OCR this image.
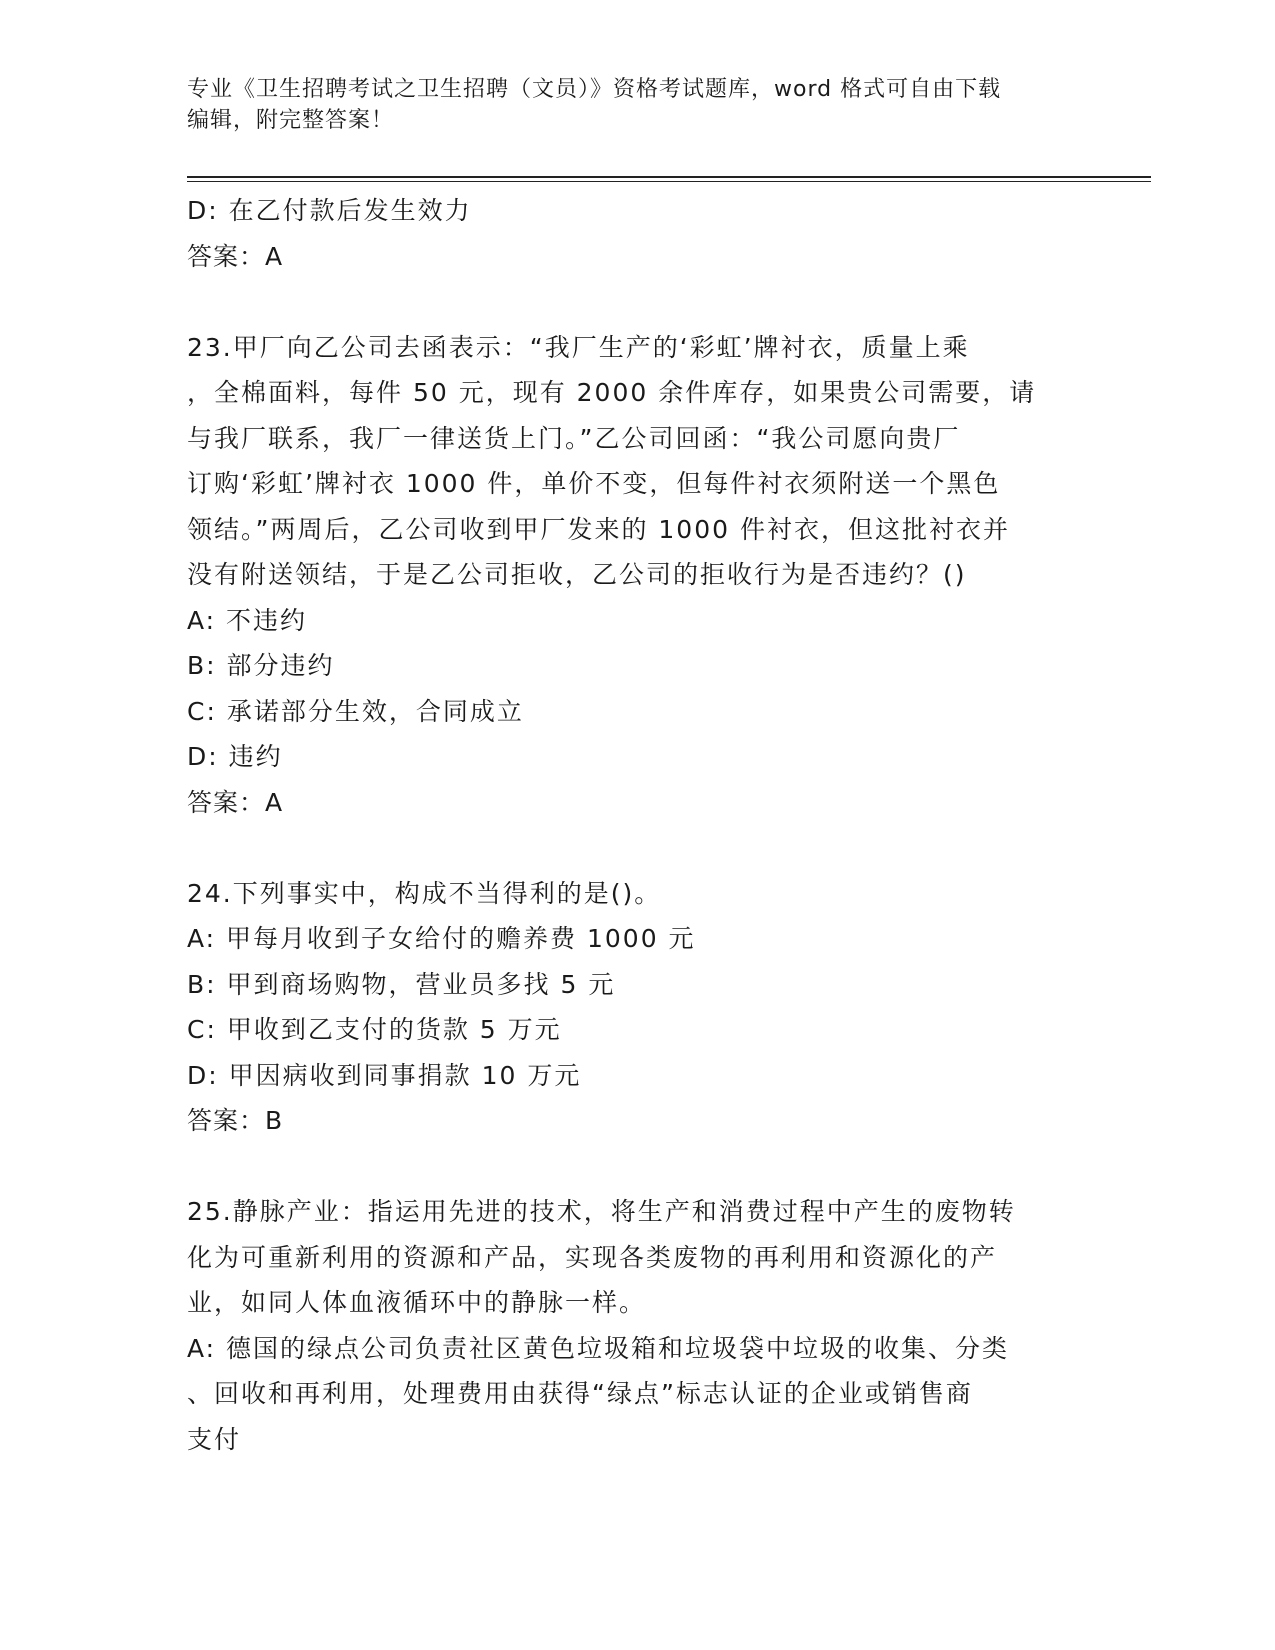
专业《卫生招聘考试之卫生招聘（文员）》资格考试题库，word 格式可自由下载
编辑，附完整答案！
D: 在乙付款后发生效力
答案：A
23.甲厂向乙公司去函表示：“我厂生产的‘彩虹’牌衬衣，质量上乘
，全棉面料，每件 50 元，现有 2000 余件库存，如果贵公司需要，请
与我厂联系，我厂一律送货上门。”乙公司回函：“我公司愿向贵厂
订购‘彩虹’牌衬衣 1000 件，单价不变，但每件衬衣须附送一个黑色
领结。”两周后，乙公司收到甲厂发来的 1000 件衬衣，但这批衬衣并
没有附送领结，于是乙公司拒收，乙公司的拒收行为是否违约？()
A: 不违约
B: 部分违约
C: 承诺部分生效，合同成立
D: 违约
答案：A
24.下列事实中，构成不当得利的是()。
A: 甲每月收到子女给付的赡养费 1000 元
B: 甲到商场购物，营业员多找 5 元
C: 甲收到乙支付的货款 5 万元
D: 甲因病收到同事捐款 10 万元
答案：B
25.静脉产业：指运用先进的技术，将生产和消费过程中产生的废物转
化为可重新利用的资源和产品，实现各类废物的再利用和资源化的产
业，如同人体血液循环中的静脉一样。
A: 德国的绿点公司负责社区黄色垃圾箱和垃圾袋中垃圾的收集、分类
、回收和再利用，处理费用由获得“绿点”标志认证的企业或销售商
支付
